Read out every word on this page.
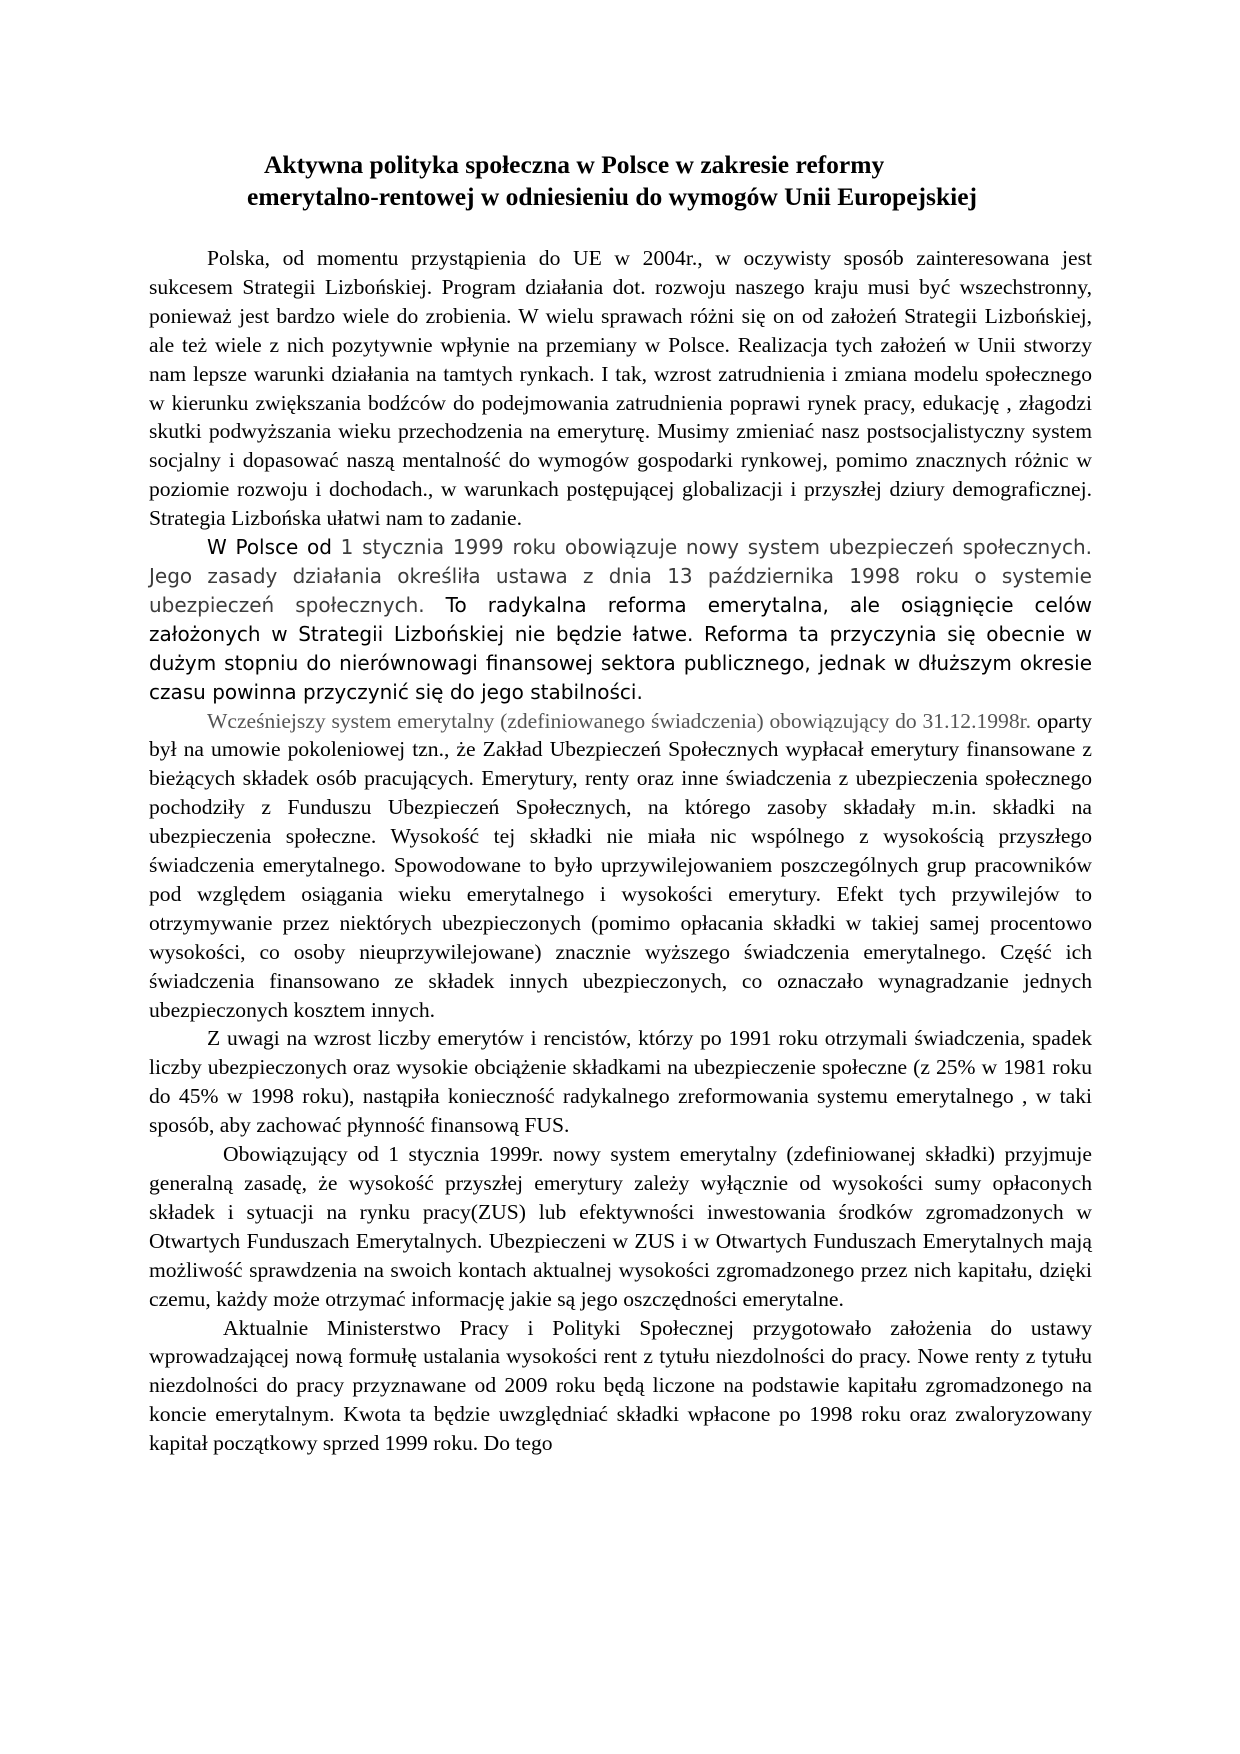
Aktywna polityka społeczna w Polsce w zakresie reformy
emerytalno-rentowej w odniesieniu do wymogów Unii Europejskiej

Polska, od momentu przystąpienia do UE w 2004r., w oczywisty sposób zainteresowana jest sukcesem Strategii Lizbońskiej. Program działania dot. rozwoju naszego kraju musi być wszechstronny, ponieważ jest bardzo wiele do zrobienia. W wielu sprawach różni się on od założeń Strategii Lizbońskiej, ale też wiele z nich pozytywnie wpłynie na przemiany w Polsce. Realizacja tych założeń w Unii stworzy nam lepsze warunki działania na tamtych rynkach. I tak, wzrost zatrudnienia i zmiana modelu społecznego w kierunku zwiększania bodźców do podejmowania zatrudnienia poprawi rynek pracy, edukację , złagodzi skutki podwyższania wieku przechodzenia na emeryturę. Musimy zmieniać nasz postsocjalistyczny system socjalny i dopasować naszą mentalność do wymogów gospodarki rynkowej, pomimo znacznych różnic w poziomie rozwoju i dochodach., w warunkach postępującej globalizacji i przyszłej dziury demograficznej. Strategia Lizbońska ułatwi nam to zadanie.

W Polsce od 1 stycznia 1999 roku obowiązuje nowy system ubezpieczeń społecznych. Jego zasady działania określiła ustawa z dnia 13 października 1998 roku o systemie ubezpieczeń społecznych. To radykalna reforma emerytalna, ale osiągnięcie celów założonych w Strategii Lizbońskiej nie będzie łatwe. Reforma ta przyczynia się obecnie w dużym stopniu do nierównowagi finansowej sektora publicznego, jednak w dłuższym okresie czasu powinna przyczynić się do jego stabilności.

Wcześniejszy system emerytalny (zdefiniowanego świadczenia) obowiązujący do 31.12.1998r. oparty był na umowie pokoleniowej tzn., że Zakład Ubezpieczeń Społecznych wypłacał emerytury finansowane z bieżących składek osób pracujących. Emerytury, renty oraz inne świadczenia z ubezpieczenia społecznego pochodziły z Funduszu Ubezpieczeń Społecznych, na którego zasoby składały m.in. składki na ubezpieczenia społeczne. Wysokość tej składki nie miała nic wspólnego z wysokością przyszłego świadczenia emerytalnego. Spowodowane to było uprzywilejowaniem poszczególnych grup pracowników pod względem osiągania wieku emerytalnego i wysokości emerytury. Efekt tych przywilejów to otrzymywanie przez niektórych ubezpieczonych (pomimo opłacania składki w takiej samej procentowo wysokości, co osoby nieuprzywilejowane) znacznie wyższego świadczenia emerytalnego. Część ich świadczenia finansowano ze składek innych ubezpieczonych, co oznaczało wynagradzanie jednych ubezpieczonych kosztem innych.

Z uwagi na wzrost liczby emerytów i rencistów, którzy po 1991 roku otrzymali świadczenia, spadek liczby ubezpieczonych oraz wysokie obciążenie składkami na ubezpieczenie społeczne (z 25% w 1981 roku do 45% w 1998 roku), nastąpiła konieczność radykalnego zreformowania systemu emerytalnego , w taki sposób, aby zachować płynność finansową FUS.

Obowiązujący od 1 stycznia 1999r. nowy system emerytalny (zdefiniowanej składki) przyjmuje generalną zasadę, że wysokość przyszłej emerytury zależy wyłącznie od wysokości sumy opłaconych składek i sytuacji na rynku pracy(ZUS) lub efektywności inwestowania środków zgromadzonych w Otwartych Funduszach Emerytalnych. Ubezpieczeni w ZUS i w Otwartych Funduszach Emerytalnych mają możliwość sprawdzenia na swoich kontach aktualnej wysokości zgromadzonego przez nich kapitału, dzięki czemu, każdy może otrzymać informację jakie są jego oszczędności emerytalne.

Aktualnie Ministerstwo Pracy i Polityki Społecznej przygotowało założenia do ustawy wprowadzającej nową formułę ustalania wysokości rent z tytułu niezdolności do pracy. Nowe renty z tytułu niezdolności do pracy przyznawane od 2009 roku będą liczone na podstawie kapitału zgromadzonego na koncie emerytalnym. Kwota ta będzie uwzględniać składki wpłacone po 1998 roku oraz zwaloryzowany kapitał początkowy sprzed 1999 roku. Do tego
